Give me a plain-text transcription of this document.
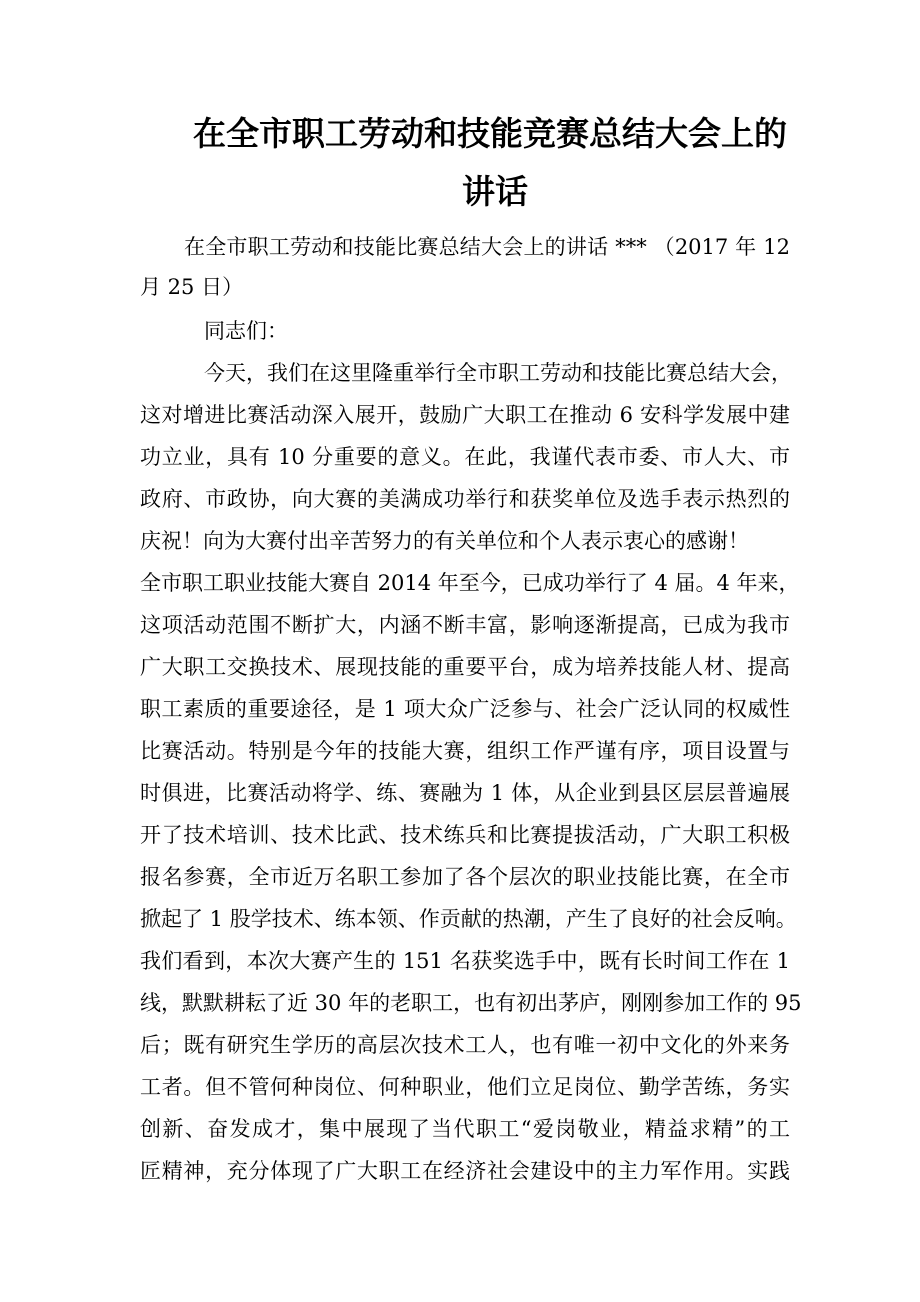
在全市职工劳动和技能竞赛总结大会上的
讲话
在全市职工劳动和技能比赛总结大会上的讲话 *** （2017 年 12
月 25 日）
同志们：
今天，我们在这里隆重举行全市职工劳动和技能比赛总结大会，
这对增进比赛活动深入展开，鼓励广大职工在推动 6 安科学发展中建
功立业，具有 10 分重要的意义。在此，我谨代表市委、市人大、市
政府、市政协，向大赛的美满成功举行和获奖单位及选手表示热烈的
庆祝！向为大赛付出辛苦努力的有关单位和个人表示衷心的感谢！
全市职工职业技能大赛自 2014 年至今，已成功举行了 4 届。4 年来，
这项活动范围不断扩大，内涵不断丰富，影响逐渐提高，已成为我市
广大职工交换技术、展现技能的重要平台，成为培养技能人材、提高
职工素质的重要途径，是 1 项大众广泛参与、社会广泛认同的权威性
比赛活动。特别是今年的技能大赛，组织工作严谨有序，项目设置与
时俱进，比赛活动将学、练、赛融为 1 体，从企业到县区层层普遍展
开了技术培训、技术比武、技术练兵和比赛提拔活动，广大职工积极
报名参赛，全市近万名职工参加了各个层次的职业技能比赛，在全市
掀起了 1 股学技术、练本领、作贡献的热潮，产生了良好的社会反响。
我们看到，本次大赛产生的 151 名获奖选手中，既有长时间工作在 1
线，默默耕耘了近 30 年的老职工，也有初出茅庐，刚刚参加工作的 95
后；既有研究生学历的高层次技术工人，也有唯一初中文化的外来务
工者。但不管何种岗位、何种职业，他们立足岗位、勤学苦练，务实
创新、奋发成才，集中展现了当代职工“爱岗敬业，精益求精”的工
匠精神，充分体现了广大职工在经济社会建设中的主力军作用。实践
